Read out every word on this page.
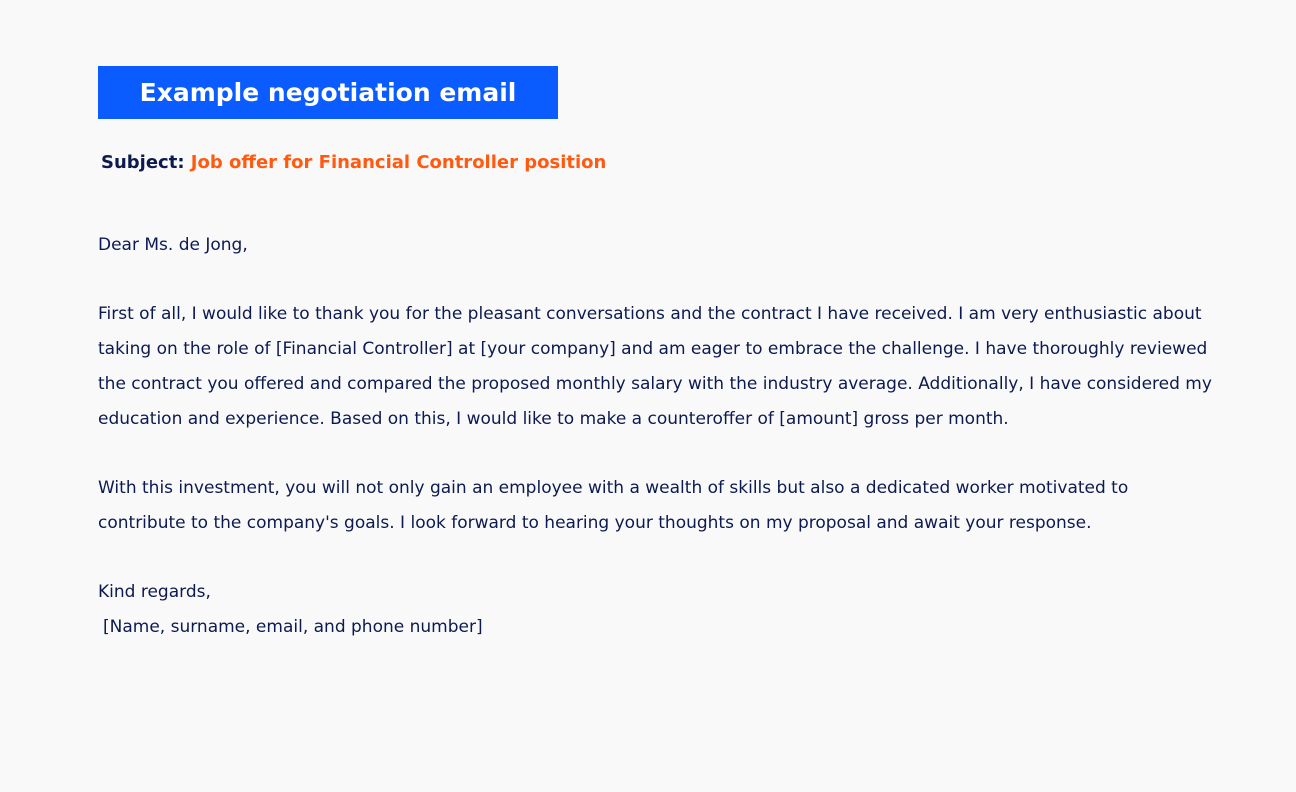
Example negotiation email
Subject: Job offer for Financial Controller position

Dear Ms. de Jong,

First of all, I would like to thank you for the pleasant conversations and the contract I have received. I am very enthusiastic about taking on the role of [Financial Controller] at [your company] and am eager to embrace the challenge. I have thoroughly reviewed the contract you offered and compared the proposed monthly salary with the industry average. Additionally, I have considered my education and experience. Based on this, I would like to make a counteroffer of [amount] gross per month.

With this investment, you will not only gain an employee with a wealth of skills but also a dedicated worker motivated to contribute to the company's goals. I look forward to hearing your thoughts on my proposal and await your response.

Kind regards,

[Name, surname, email, and phone number]
